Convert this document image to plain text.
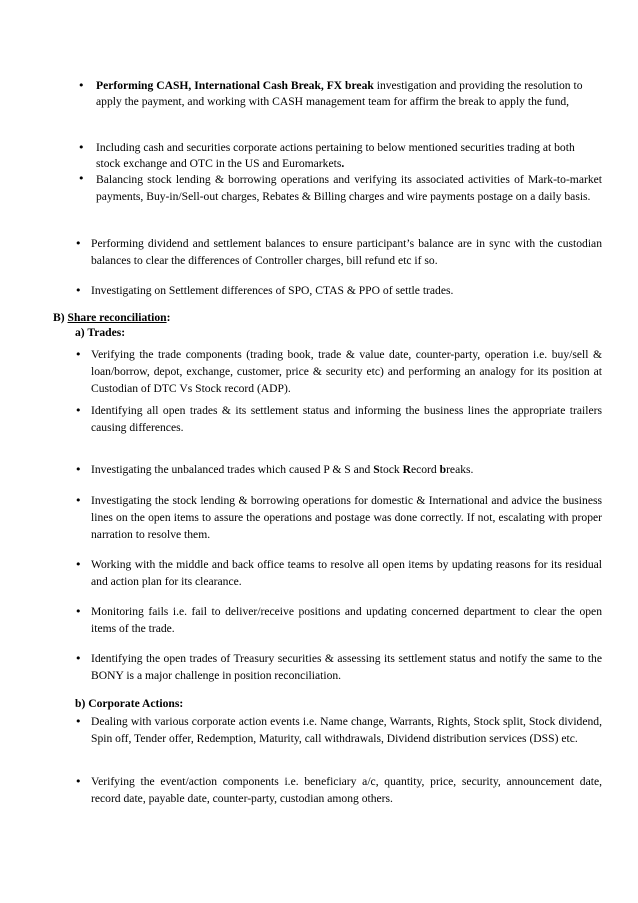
• Performing CASH, International Cash Break, FX break investigation and providing the resolution to apply the payment, and working with CASH management team for affirm the break to apply the fund,
• Including cash and securities corporate actions pertaining to below mentioned securities trading at both stock exchange and OTC in the US and Euromarkets.
• Balancing stock lending & borrowing operations and verifying its associated activities of Mark-to-market payments, Buy-in/Sell-out charges, Rebates & Billing charges and wire payments postage on a daily basis.
• Performing dividend and settlement balances to ensure participant’s balance are in sync with the custodian balances to clear the differences of Controller charges, bill refund etc if so.
• Investigating on Settlement differences of SPO, CTAS & PPO of settle trades.
B) Share reconciliation:
a) Trades:
• Verifying the trade components (trading book, trade & value date, counter-party, operation i.e. buy/sell & loan/borrow, depot, exchange, customer, price & security etc) and performing an analogy for its position at Custodian of DTC Vs Stock record (ADP).
• Identifying all open trades & its settlement status and informing the business lines the appropriate trailers causing differences.
• Investigating the unbalanced trades which caused P & S and Stock Record breaks.
• Investigating the stock lending & borrowing operations for domestic & International and advice the business lines on the open items to assure the operations and postage was done correctly. If not, escalating with proper narration to resolve them.
• Working with the middle and back office teams to resolve all open items by updating reasons for its residual and action plan for its clearance.
• Monitoring fails i.e. fail to deliver/receive positions and updating concerned department to clear the open items of the trade.
• Identifying the open trades of Treasury securities & assessing its settlement status and notify the same to the BONY is a major challenge in position reconciliation.
b) Corporate Actions:
• Dealing with various corporate action events i.e. Name change, Warrants, Rights, Stock split, Stock dividend, Spin off, Tender offer, Redemption, Maturity, call withdrawals, Dividend distribution services (DSS) etc.
• Verifying the event/action components i.e. beneficiary a/c, quantity, price, security, announcement date, record date, payable date, counter-party, custodian among others.
